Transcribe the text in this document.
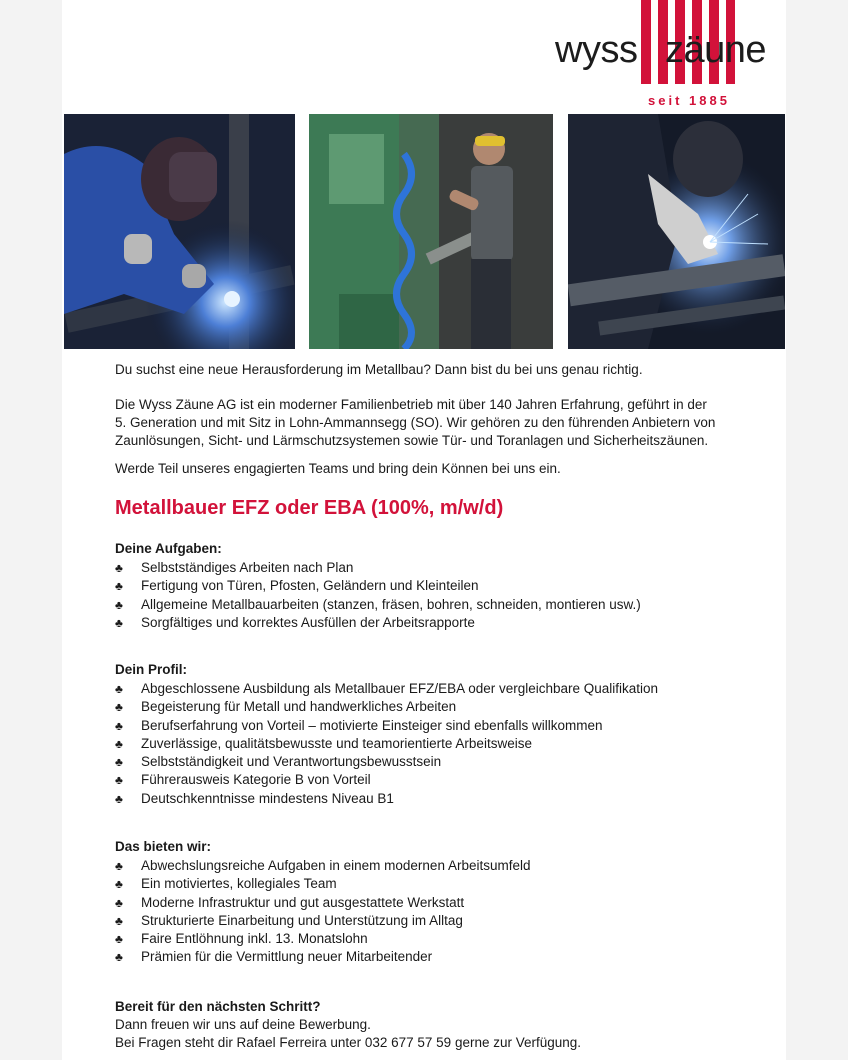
wyss zäune
seit 1885

Du suchst eine neue Herausforderung im Metallbau? Dann bist du bei uns genau richtig.

Die Wyss Zäune AG ist ein moderner Familienbetrieb mit über 140 Jahren Erfahrung, geführt in der

5. Generation und mit Sitz in Lohn-Ammannsegg (SO). Wir gehören zu den führenden Anbietern von

Zaunlösungen, Sicht- und Lärmschutzsystemen sowie Tür- und Toranlagen und Sicherheitszäunen.

Werde Teil unseres engagierten Teams und bring dein Können bei uns ein.

Metallbauer EFZ oder EBA (100%, m/w/d)
Deine Aufgaben:
♣ Selbstständiges Arbeiten nach Plan
♣ Fertigung von Türen, Pfosten, Geländern und Kleinteilen
♣ Allgemeine Metallbauarbeiten (stanzen, fräsen, bohren, schneiden, montieren usw.)
♣ Sorgfältiges und korrektes Ausfüllen der Arbeitsrapporte
Dein Profil:
♣ Abgeschlossene Ausbildung als Metallbauer EFZ/EBA oder vergleichbare Qualifikation
♣ Begeisterung für Metall und handwerkliches Arbeiten
♣ Berufserfahrung von Vorteil – motivierte Einsteiger sind ebenfalls willkommen
♣ Zuverlässige, qualitätsbewusste und teamorientierte Arbeitsweise
♣ Selbstständigkeit und Verantwortungsbewusstsein
♣ Führerausweis Kategorie B von Vorteil
♣ Deutschkenntnisse mindestens Niveau B1
Das bieten wir:
♣ Abwechslungsreiche Aufgaben in einem modernen Arbeitsumfeld
♣ Ein motiviertes, kollegiales Team
♣ Moderne Infrastruktur und gut ausgestattete Werkstatt
♣ Strukturierte Einarbeitung und Unterstützung im Alltag
♣ Faire Entlöhnung inkl. 13. Monatslohn
♣ Prämien für die Vermittlung neuer Mitarbeitender
Bereit für den nächsten Schritt?
Dann freuen wir uns auf deine Bewerbung.
Bei Fragen steht dir Rafael Ferreira unter 032 677 57 59 gerne zur Verfügung.
